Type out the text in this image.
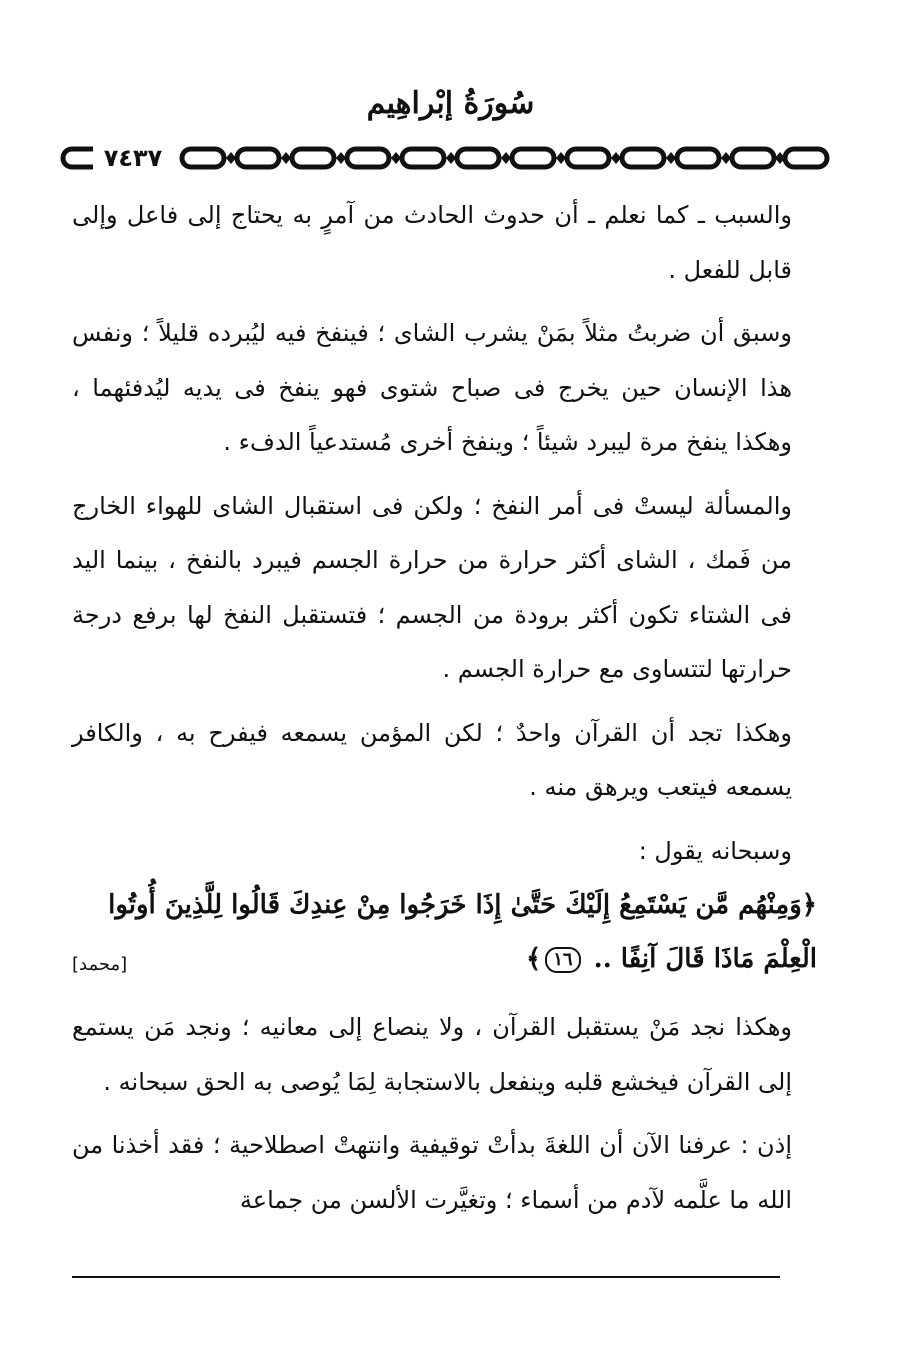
سُورَةُ إبْراهِيم
٧٤٣٧

والسبب ـ كما نعلم ـ أن حدوث الحادث من آمرٍ به يحتاج إلى فاعل وإلى قابل للفعل .

وسبق أن ضربتُ مثلاً بمَنْ يشرب الشاى ؛ فينفخ فيه ليُبرده قليلاً ؛ ونفس هذا الإنسان حين يخرج فى صباح شتوى فهو ينفخ فى يديه ليُدفئهما ، وهكذا ينفخ مرة ليبرد شيئاً ؛ وينفخ أخرى مُستدعياً الدفء .

والمسألة ليستْ فى أمر النفخ ؛ ولكن فى استقبال الشاى للهواء الخارج من فَمك ، الشاى أكثر حرارة من حرارة الجسم فيبرد بالنفخ ، بينما اليد فى الشتاء تكون أكثر برودة من الجسم ؛ فتستقبل النفخ لها برفع درجة حرارتها لتتساوى مع حرارة الجسم .

وهكذا تجد أن القرآن واحدٌ ؛ لكن المؤمن يسمعه فيفرح به ، والكافر يسمعه فيتعب ويرهق منه .

وسبحانه يقول :

﴿وَمِنْهُم مَّن يَسْتَمِعُ إِلَيْكَ حَتَّىٰ إِذَا خَرَجُوا مِنْ عِندِكَ قَالُوا لِلَّذِينَ أُوتُوا
الْعِلْمَ مَاذَا قَالَ آنِفًا .. ١٦﴾
[محمد]

وهكذا نجد مَنْ يستقبل القرآن ، ولا ينصاع إلى معانيه ؛ ونجد مَن يستمع إلى القرآن فيخشع قلبه وينفعل بالاستجابة لِمَا يُوصى به الحق سبحانه .

إذن : عرفنا الآن أن اللغةَ بدأتْ توقيفية وانتهتْ اصطلاحية ؛ فقد أخذنا من الله ما علَّمه لآدم من أسماء ؛ وتغيَّرت الألسن من جماعة
